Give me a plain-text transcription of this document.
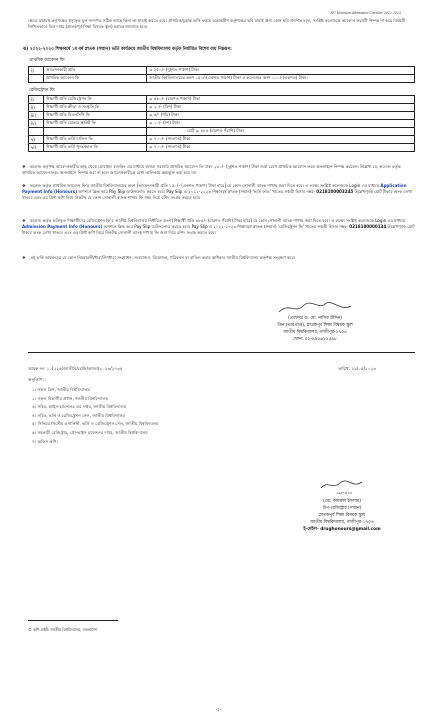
NU Honours Admission Circular 2022-2023
ক্ষেত্রে যথাযথ কর্তৃপক্ষের ইস্যুকৃত মূল সনদপত্র সঠিক আছে কিনা তা যাচাই করতে হবে। প্রাথমিক/চূড়ান্ত ভর্তি ফরমে অভ্যন্তরীণ কর্তৃপক্ষের ছবি যাচাই অন্য কোন ছবি প্রদর্শিত হলে, সংশ্লিষ্ট কলেজকে আবেদন ফরমটি নিষ্পন্ন না করে বিষয়টি লিখিতভাবে ডিন দপ্তর (স্নাতকপূর্ব শিক্ষা বিষয়ক স্কুল) বরাবর জানাতে হবে।
ঝ) ২০২২-২০২৩ শিক্ষাবর্ষে ১ম বর্ষ স্নাতক (সম্মান) ভর্তি কার্যক্রমে জাতীয় বিশ্ববিদ্যালয় কর্তৃক নির্ধারিত বিশেষ ব্যয় নিম্নরূপ:
প্রাথমিক আবেদন ফি:
i)	আবেদনকারী প্রতি	= ২৫০/- (দুইশত পঞ্চাশ) টাকা
	প্রাথমিক আবেদন ফি	জাতীয় বিশ্ববিদ্যালয়ের অংশ ১৫০/-(একশত পঞ্চাশ) টাকা ও কলেজের অংশ ১০০/-(একশত) টাকা।
রেজিস্ট্রেশন ফি:
i)	শিক্ষার্থী প্রতি রেজিস্ট্রেশন ফি	= ৪৫০/- (চারশত পঞ্চাশ) টাকা
ii)	শিক্ষার্থী প্রতি ক্রীড়া ও সংস্কৃতি ফি	= ২০/- (বিশ) টাকা
iii)	শিক্ষার্থী প্রতি বিএনসিসি ফি	= ৫/- (পাঁচ) টাকা
iv)	শিক্ষার্থী প্রতি রোভার স্কাউট ফি	= ১০/- (দশ) টাকা
		মোট = ৪৮৫ (চারশত পঁচাশি) টাকা
v)	শিক্ষার্থী প্রতি ভর্তি বাতিল ফি	= ৭০০/- (সাতশত) টাকা
vi)	শিক্ষার্থী প্রতি ভর্তি পুনঃবহাল ফি	= ৭০০/- (সাতশত) টাকা
❖ কলেজ কর্তৃপক্ষ আবেদনকারীর কাছ থেকে মোবাইল ব্যাংকিং এর মাধ্যমে অথবা সরাসরি প্রাথমিক আবেদন ফি বাবদ ২৫০/- (দুইশত পঞ্চাশ) টাকা জমা রেখে প্রাথমিক আবেদন ফরম অনলাইনে নিষ্পন্ন করবেন। উল্লেখ্য যে, কলেজ কর্তৃক প্রাথমিক আবেদন ফরম অনলাইনে নিষ্পন্ন করা না হলে আবেদনকারীকে মেধা তালিকায় অন্তর্ভুক্ত করা হবে না।
❖ কলেজ কর্তৃক প্রাথমিক আবেদন ফি'র জাতীয় বিশ্ববিদ্যালয়ের অংশ [আবেদনকারী প্রতি ১৫০/- (একশত পঞ্চাশ) টাকা হারে] যে কোন সোনালী ব্যাংক শাখায় জমা দিতে হবে। এ লক্ষ্যে সংশ্লিষ্ট কলেজকে Login এর মাধ্যমে Application Payment Info (Honours) অপশনে ক্লিক করে Pay Slip ডাউনলোড করতে হবে। Pay Slip এ ২০২২-২০২৩ শিক্ষাবর্ষে স্নাতক (সম্মান) 'ভর্তি ফান্ড' খাতের সঞ্চয়ী হিসাব নম্বর- 0218100003245 উল্লেখপূর্বক মোট টাকার অংক লেখা থাকবে এবং এর প্রিন্ট কপি নিয়ে নিকটস্থ যে কোন সোনালী ব্যাংক শাখায় ফি জমা দিয়ে রশিদ সংগ্রহ করতে হবে।
❖ কলেজ কর্তৃক ভর্তিকৃত শিক্ষার্থীদের রেজিস্ট্রেশন ফি'র জাতীয় বিশ্ববিদ্যালয় নির্ধারিত অংশ [শিক্ষার্থী প্রতি ৪৮৫/- (চারশত পঁচাশি) টাকা হারে] যে কোন সোনালী ব্যাংক শাখায় জমা দিতে হবে। এ লক্ষ্যে সংশ্লিষ্ট কলেজকে Login এর মাধ্যমে Admission Payment Info (Honours) অপশনে ক্লিক করে Pay Slip ডাউনলোড করতে হবে। Pay Slip এ ২০২২-২০২৩ শিক্ষাবর্ষে স্নাতক (সম্মান) 'রেজিস্ট্রেশন ফি' খাতের সঞ্চয়ী হিসাব নম্বর- 0218100000134 উল্লেখপূর্বক মোট টাকার অংক লেখা থাকবে এবং এর প্রিন্ট কপি নিয়ে নিকটস্থ সোনালী ব্যাংক শাখায় ফি জমা দিয়ে রশিদ সংগ্রহ করতে হবে।
❖ এই ভর্তি কার্যক্রমের যে কোন নিয়মাবলী/ধারা/উপধারা সংশোধন, সংযোজন, বিয়োজন, পরিবর্তন বা বাতিল করার অধিকার জাতীয় বিশ্ববিদ্যালয় কর্তৃপক্ষ সংরক্ষণ করে।
(প্রফেসর ড. মো. নাসির উদ্দিন)
ডিন (ভারপ্রাপ্ত), স্নাতকপূর্ব শিক্ষা বিষয়ক স্কুল
জাতীয় বিশ্ববিদ্যালয়, গাজীপুর-১৭০৪
ফোন: ০২-৯৯৬৬১১৫৯৮
স্মারক নং: ১০(২২৬)জাতীবি/রেজি/আজা/২০২৩/২৭৩৫	তারিখ: ২৯/০৫/২০২৩
অনুলিপি:
১। সকল ডিন, জাতীয় বিশ্ববিদ্যালয়
২। সকল বিভাগীয় প্রধান, জাতীয় বিশ্ববিদ্যালয়
৩। সচিব, ভাইস-চ্যান্সেলর এর দপ্তর, জাতীয় বিশ্ববিদ্যালয়
৪। সচিব, ভর্তি ও রেজিস্ট্রেশন সেল, জাতীয় বিশ্ববিদ্যালয়
৫। সিনিয়র সিস্টেম এনালিস্ট, ভর্তি ও রেজিস্ট্রেশন সেল, জাতীয় বিশ্ববিদ্যালয়
৬। সহকারী রেজিস্ট্রার, প্রো-ভাইস চ্যান্সেলর দপ্তর, জাতীয় বিশ্ববিদ্যালয়
৭। অফিস কপি।
২৯/০৫/২৩
(মো. কামরুল ইসলাম)
উপ-রেজিস্ট্রার (সম্মান)
স্নাতকপূর্ব শিক্ষা বিষয়ক স্কুল
জাতীয় বিশ্ববিদ্যালয়, গাজীপুর-১৭০৪
ই-মেইল- drughonours@gmail.com
© কপি-রাইট: জাতীয় বিশ্ববিদ্যালয়, বাংলাদেশ
-৫-
